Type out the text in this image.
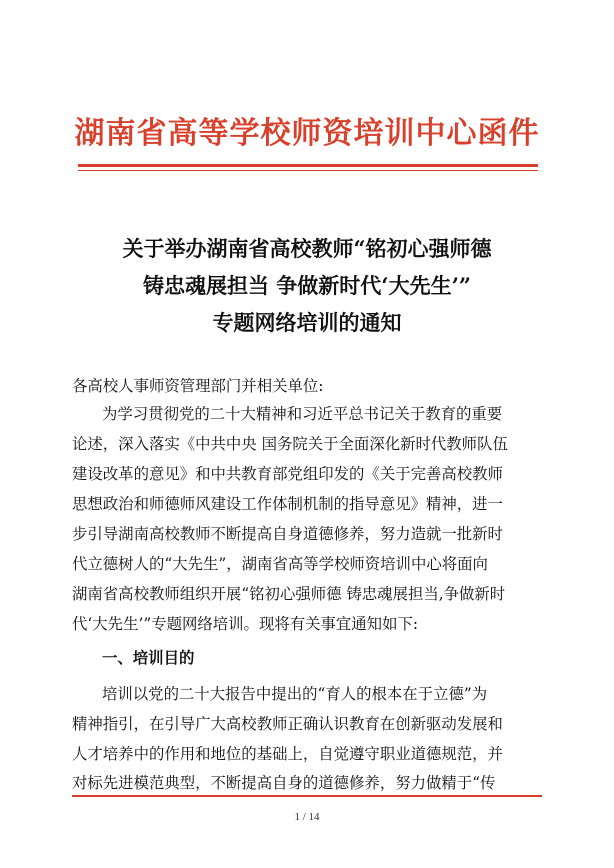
湖南省高等学校师资培训中心函件
关于举办湖南省高校教师“铭初心强师德
铸忠魂展担当 争做新时代‘大先生’”
专题网络培训的通知
各高校人事师资管理部门并相关单位:
为学习贯彻党的二十大精神和习近平总书记关于教育的重要
论述，深入落实《中共中央 国务院关于全面深化新时代教师队伍
建设改革的意见》和中共教育部党组印发的《关于完善高校教师
思想政治和师德师风建设工作体制机制的指导意见》精神，进一
步引导湖南高校教师不断提高自身道德修养，努力造就一批新时
代立德树人的“大先生”，湖南省高等学校师资培训中心将面向
湖南省高校教师组织开展“铭初心强师德 铸忠魂展担当,争做新时
代‘大先生’”专题网络培训。现将有关事宜通知如下:
一、培训目的
培训以党的二十大报告中提出的“育人的根本在于立德”为
精神指引，在引导广大高校教师正确认识教育在创新驱动发展和
人才培养中的作用和地位的基础上，自觉遵守职业道德规范，并
对标先进模范典型，不断提高自身的道德修养，努力做精于“传
1 / 14
